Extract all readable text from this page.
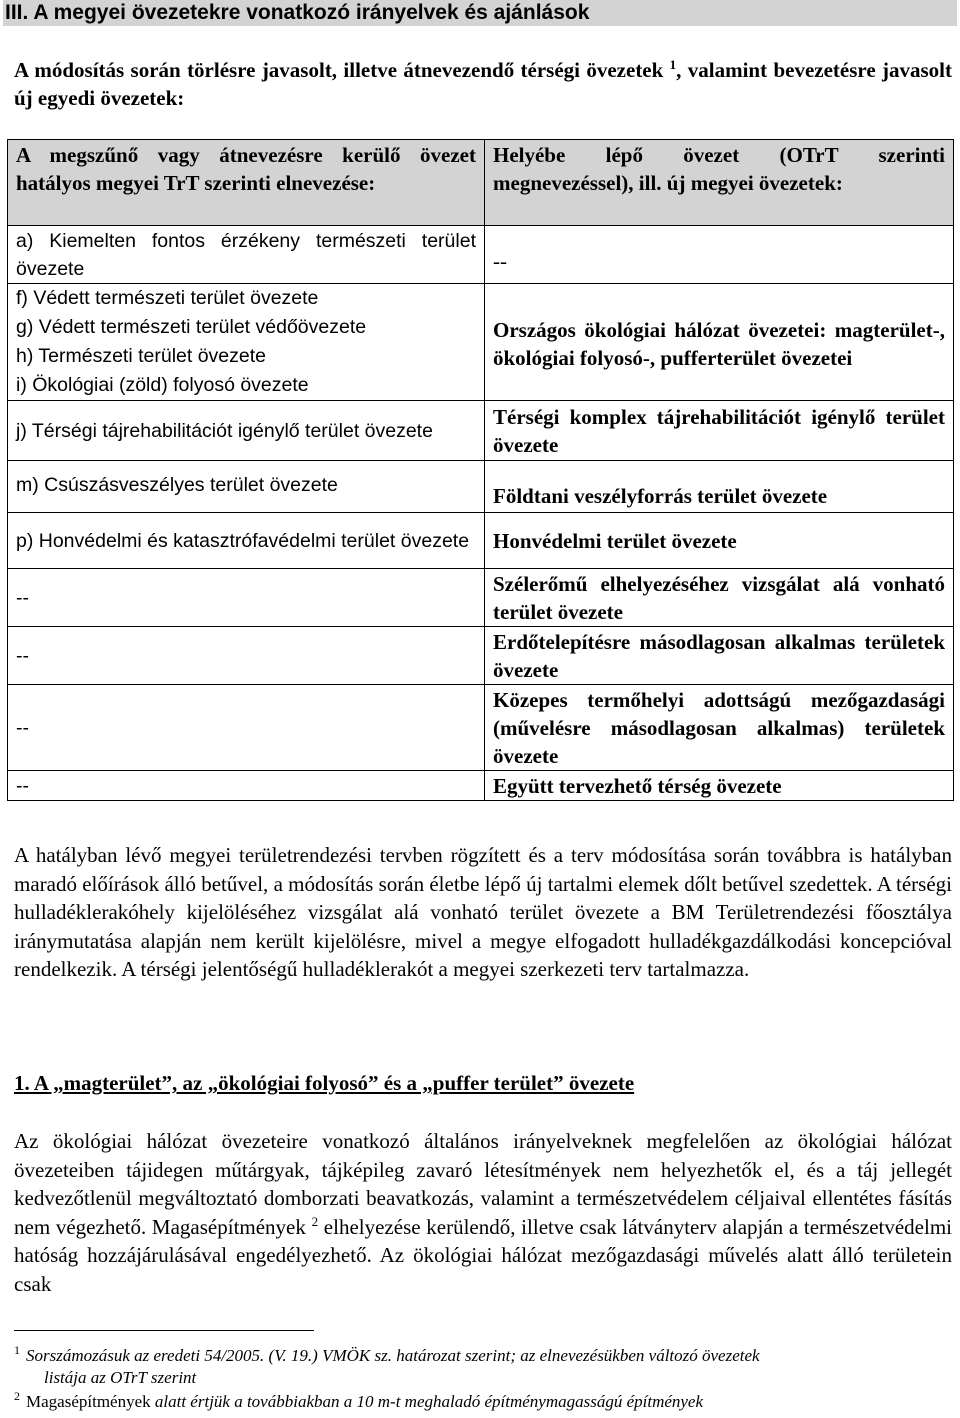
III. A megyei övezetekre vonatkozó irányelvek és ajánlások
A módosítás során törlésre javasolt, illetve átnevezendő térségi övezetek $^1$, valamint bevezetésre javasolt új egyedi övezetek:
A megszűnő vagy átnevezésre kerülő övezet hatályos megyei TrT szerinti elnevezése:	Helyébe lépő övezet (OTrT szerinti megnevezéssel), ill. új megyei övezetek:

a) Kiemelten fontos érzékeny természeti terület övezete	--

f) Védett természeti terület övezete
g) Védett természeti terület védőövezete
h) Természeti terület övezete
i) Ökológiai (zöld) folyosó övezete	Országos ökológiai hálózat övezetei: magterület-, ökológiai folyosó-, pufferterület övezetei

j) Térségi tájrehabilitációt igénylő terület övezete	Térségi komplex tájrehabilitációt igénylő terület övezete

m) Csúszásveszélyes terület övezete	Földtani veszélyforrás terület övezete

p) Honvédelmi és katasztrófavédelmi terület övezete	Honvédelmi terület övezete

--	Szélerőmű elhelyezéséhez vizsgálat alá vonható terület övezete

--	Erdőtelepítésre másodlagosan alkalmas területek övezete

--	Közepes termőhelyi adottságú mezőgazdasági (művelésre másodlagosan alkalmas) területek övezete

--	Együtt tervezhető térség övezete
A hatályban lévő megyei területrendezési tervben rögzített és a terv módosítása során továbbra is hatályban maradó előírások álló betűvel, a módosítás során életbe lépő új tartalmi elemek dőlt betűvel szedettek. A térségi hulladéklerakóhely kijelöléséhez vizsgálat alá vonható terület övezete a BM Területrendezési főosztálya iránymutatása alapján nem került kijelölésre, mivel a megye elfogadott hulladékgazdálkodási koncepcióval rendelkezik. A térségi jelentőségű hulladéklerakót a megyei szerkezeti terv tartalmazza.
1. A „magterület”, az „ökológiai folyosó” és a „puffer terület” övezete
Az ökológiai hálózat övezeteire vonatkozó általános irányelveknek megfelelően az ökológiai hálózat övezeteiben tájidegen műtárgyak, tájképileg zavaró létesítmények nem helyezhetők el, és a táj jellegét kedvezőtlenül megváltoztató domborzati beavatkozás, valamint a természetvédelem céljaival ellentétes fásítás nem végezhető. Magasépítmények $^2$ elhelyezése kerülendő, illetve csak látványterv alapján a természetvédelmi hatóság hozzájárulásával engedélyezhető. Az ökológiai hálózat mezőgazdasági művelés alatt álló területein csak
$^1$ Sorszámozásuk az eredeti 54/2005. (V. 19.) VMÖK sz. határozat szerint; az elnevezésükben változó övezetek
listája az OTrT szerint
$^2$ Magasépítmények alatt értjük a továbbiakban a 10 m-t meghaladó építménymagasságú építmények
